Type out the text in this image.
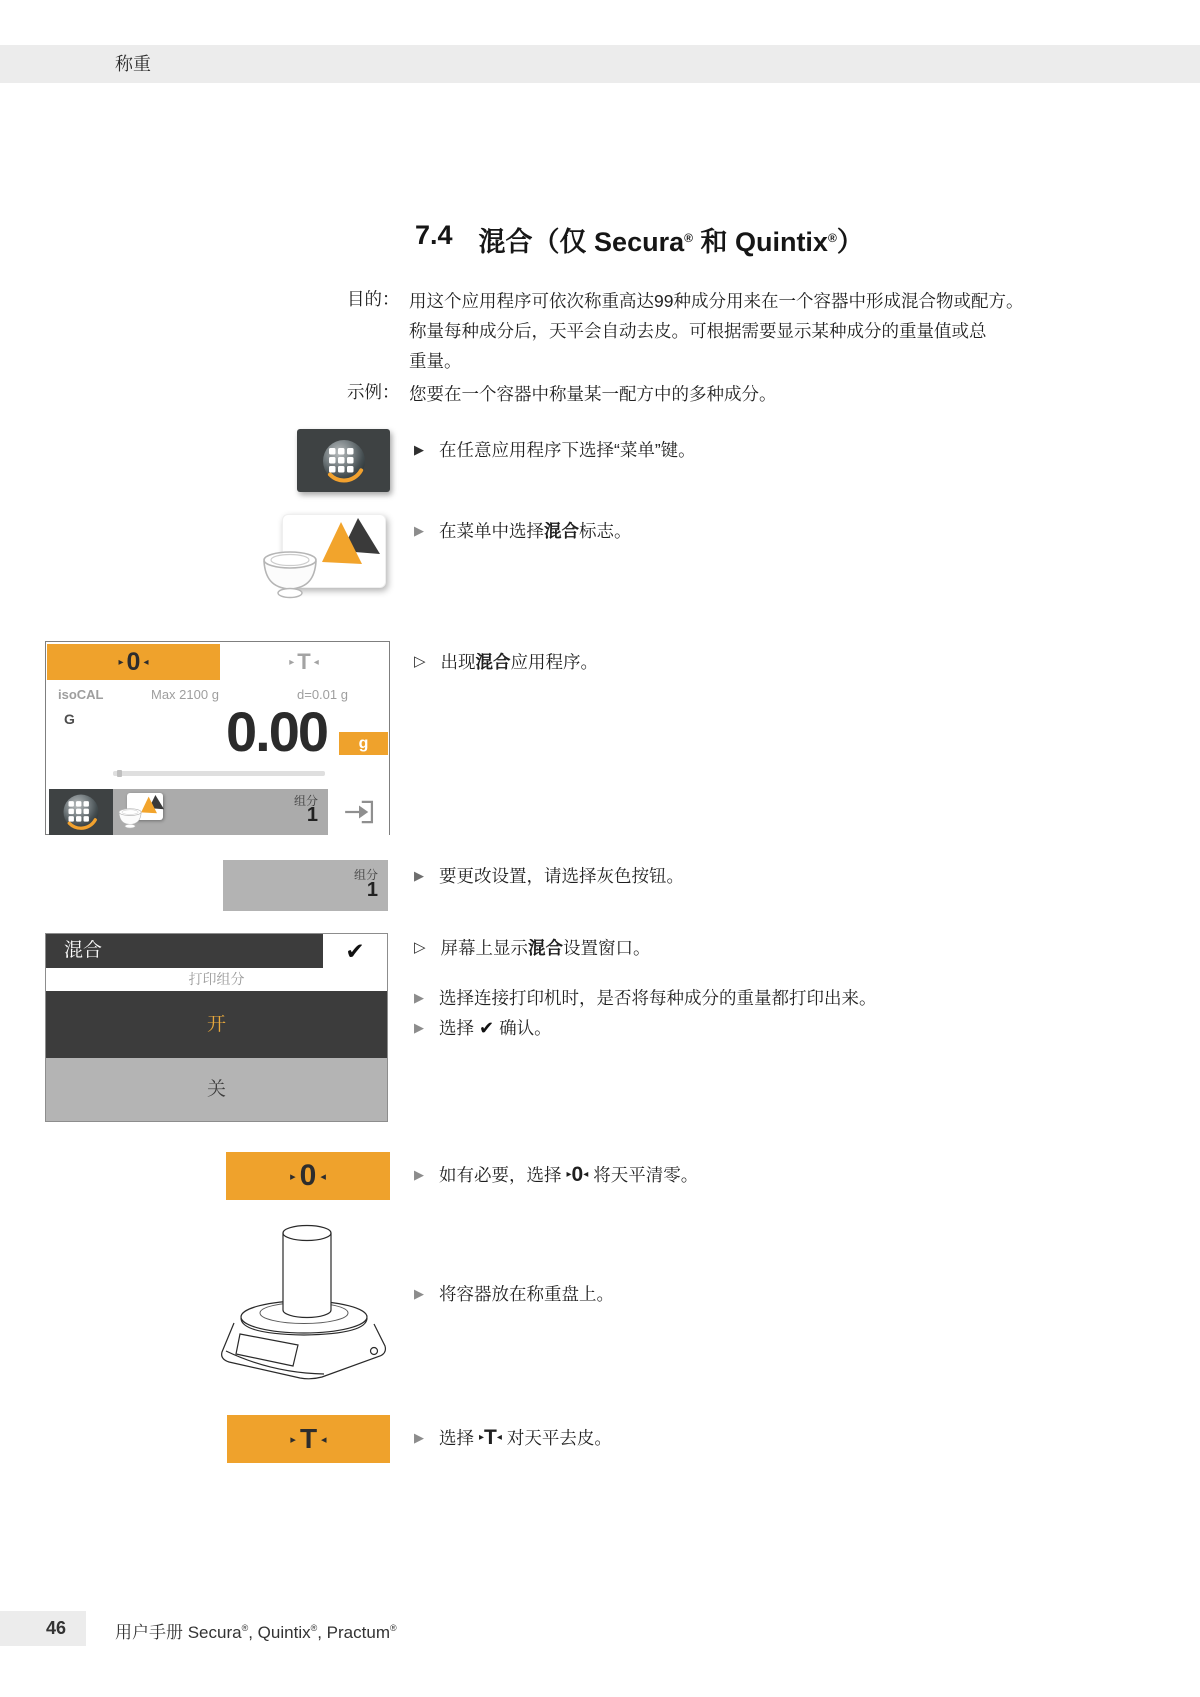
称重
7.4 混合（仅 Secura® 和 Quintix®）
目的： 用这个应用程序可依次称重高达99种成分用来在一个容器中形成混合物或配方。
称量每种成分后，天平会自动去皮。可根据需要显示某种成分的重量值或总
重量。
示例： 您要在一个容器中称量某一配方中的多种成分。
▶ 在任意应用程序下选择“菜单”键。
▶ 在菜单中选择混合标志。
▸ 0 ◂	▸ T ◂
isoCAL	Max 2100 g	d=0.01 g
G	0.00	g
组分
1
▷ 出现混合应用程序。
组分
1
▶ 要更改设置，请选择灰色按钮。
混合	✔
打印组分
开
关
▷ 屏幕上显示混合设置窗口。
▶ 选择连接打印机时，是否将每种成分的重量都打印出来。
▶ 选择 ✔ 确认。
▸ 0 ◂	▶ 如有必要，选择 ▸0◂ 将天平清零。
▶ 将容器放在称重盘上。
▸ T ◂	▶ 选择 ▸T◂ 对天平去皮。
46	用户手册 Secura®, Quintix®, Practum®
